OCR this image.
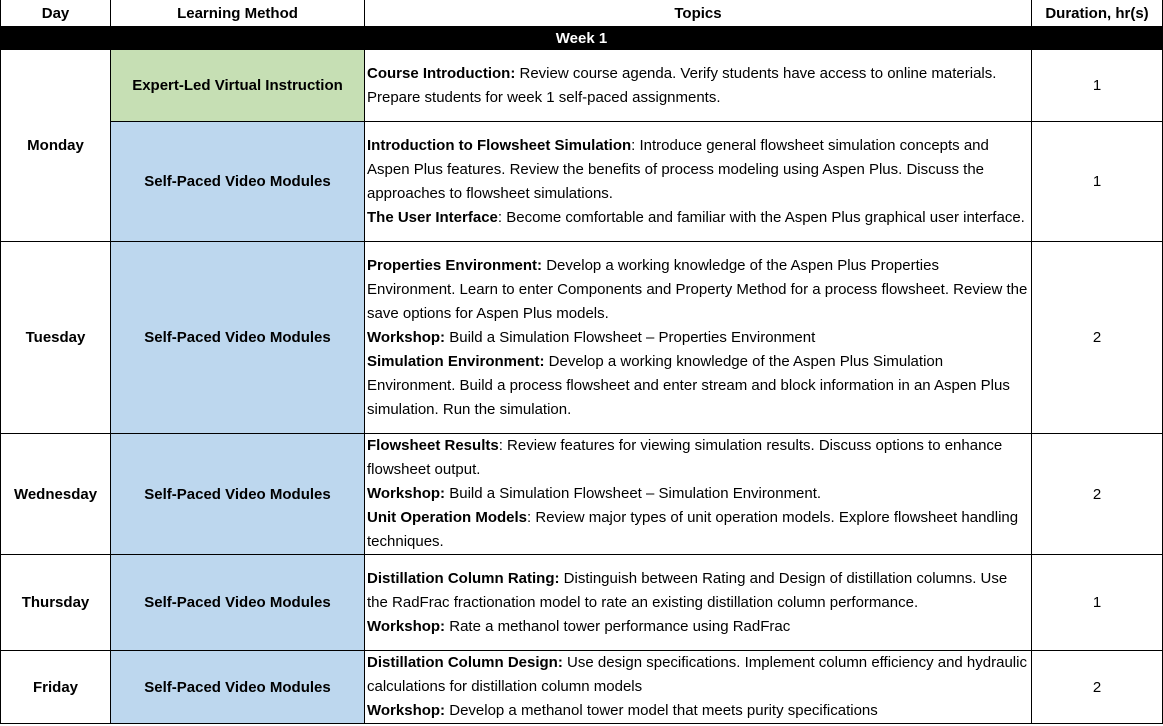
Day	Learning Method	Topics	Duration, hr(s)
Week 1			
Monday	Expert-Led Virtual Instruction	Course Introduction: Review course agenda. Verify students have access to online materials. Prepare students for week 1 self-paced assignments.	1
	Self-Paced Video Modules	Introduction to Flowsheet Simulation: Introduce general flowsheet simulation concepts and Aspen Plus features. Review the benefits of process modeling using Aspen Plus. Discuss the approaches to flowsheet simulations.
The User Interface: Become comfortable and familiar with the Aspen Plus graphical user interface.	1
Tuesday	Self-Paced Video Modules	Properties Environment: Develop a working knowledge of the Aspen Plus Properties Environment. Learn to enter Components and Property Method for a process flowsheet. Review the save options for Aspen Plus models.
Workshop: Build a Simulation Flowsheet – Properties Environment
Simulation Environment: Develop a working knowledge of the Aspen Plus Simulation Environment. Build a process flowsheet and enter stream and block information in an Aspen Plus simulation. Run the simulation.	2
Wednesday	Self-Paced Video Modules	Flowsheet Results: Review features for viewing simulation results. Discuss options to enhance flowsheet output.
Workshop: Build a Simulation Flowsheet – Simulation Environment.
Unit Operation Models: Review major types of unit operation models. Explore flowsheet handling techniques.	2
Thursday	Self-Paced Video Modules	Distillation Column Rating: Distinguish between Rating and Design of distillation columns. Use the RadFrac fractionation model to rate an existing distillation column performance.
Workshop: Rate a methanol tower performance using RadFrac	1
Friday	Self-Paced Video Modules	Distillation Column Design: Use design specifications. Implement column efficiency and hydraulic calculations for distillation column models
Workshop: Develop a methanol tower model that meets purity specifications	2
